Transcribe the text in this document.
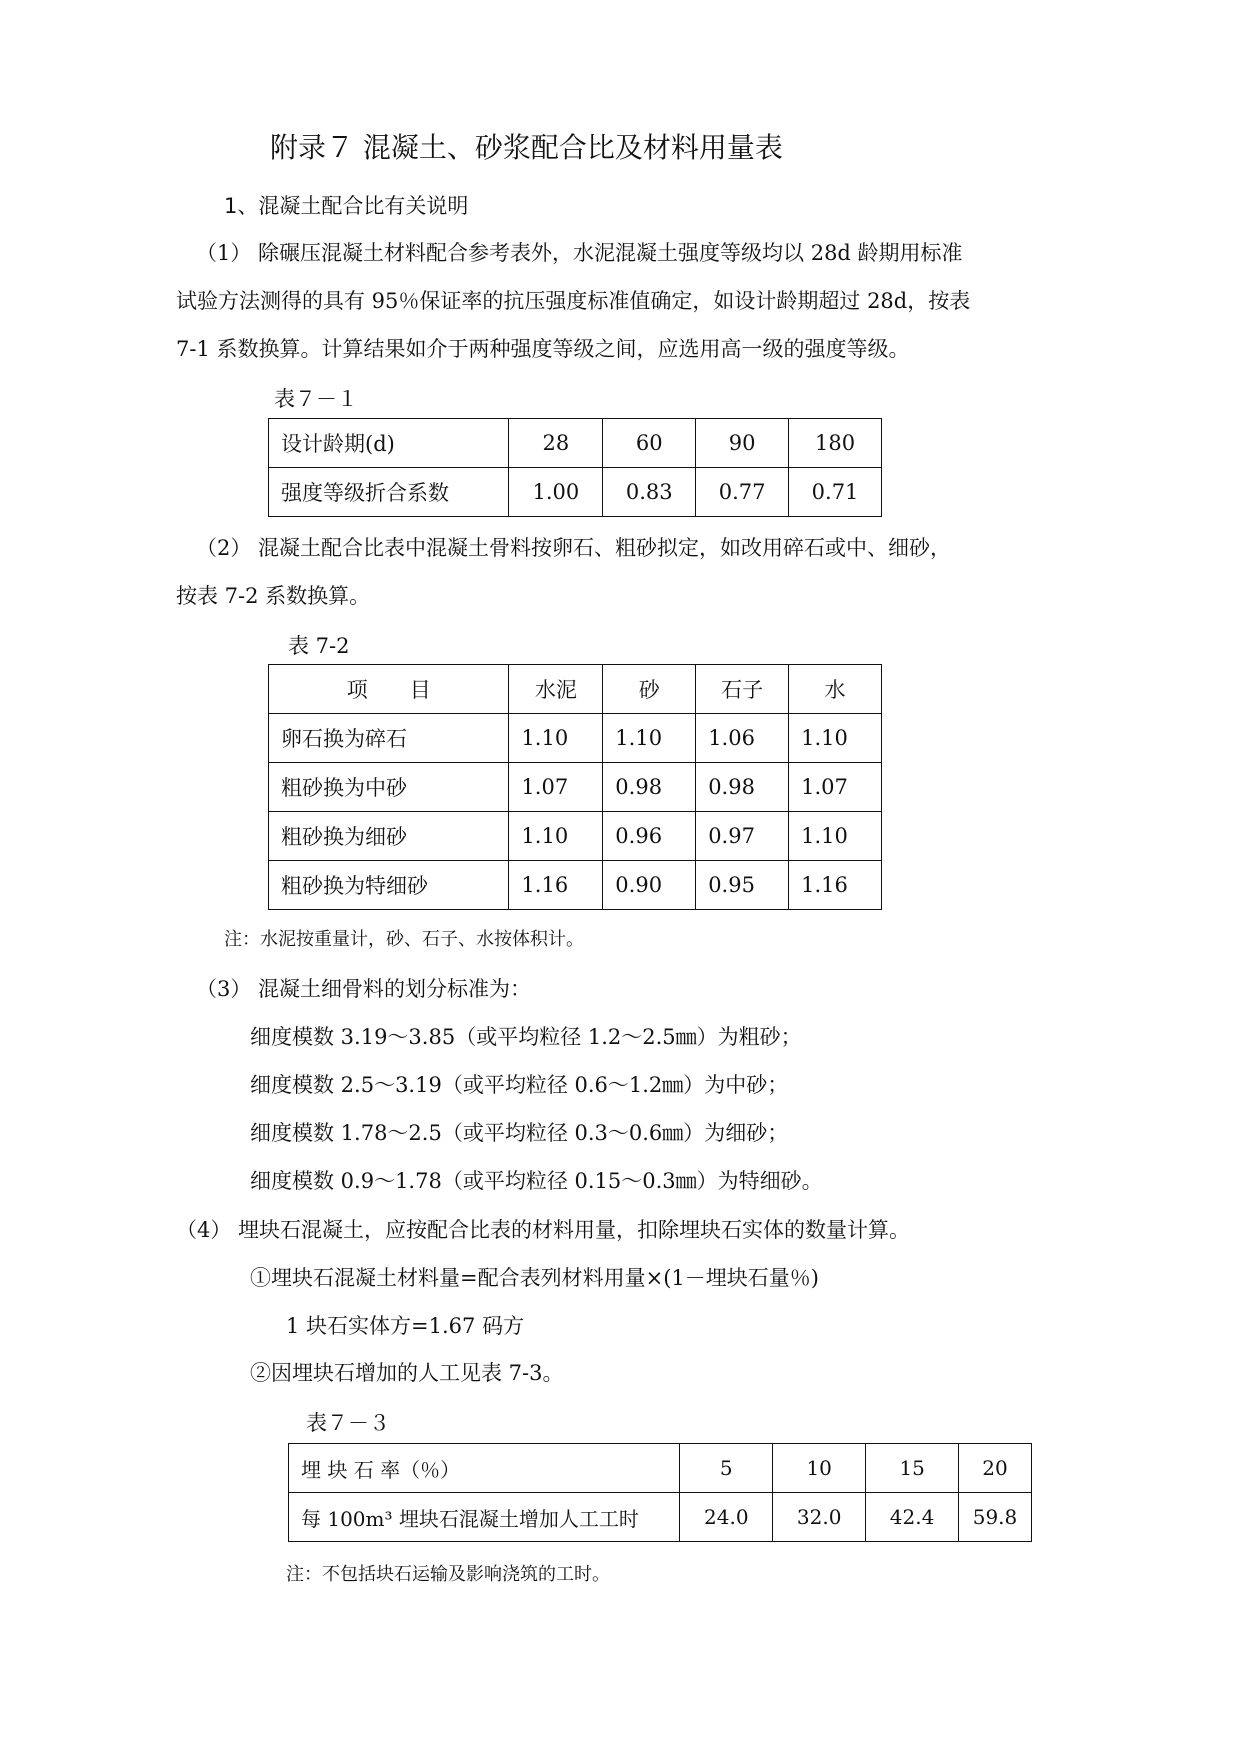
附录７ 混凝土、砂浆配合比及材料用量表
1、混凝土配合比有关说明
（1） 除碾压混凝土材料配合参考表外，水泥混凝土强度等级均以 28d 龄期用标准
试验方法测得的具有 95％保证率的抗压强度标准值确定，如设计龄期超过 28d，按表
7-1 系数换算。计算结果如介于两种强度等级之间，应选用高一级的强度等级。
表７－１
设计龄期(d)	28	60	90	180
强度等级折合系数	1.00	0.83	0.77	0.71
（2） 混凝土配合比表中混凝土骨料按卵石、粗砂拟定，如改用碎石或中、细砂，
按表 7-2 系数换算。
表 7-2
项　　目	水泥	砂	石子	水
卵石换为碎石	1.10	1.10	1.06	1.10
粗砂换为中砂	1.07	0.98	0.98	1.07
粗砂换为细砂	1.10	0.96	0.97	1.10
粗砂换为特细砂	1.16	0.90	0.95	1.16
注：水泥按重量计，砂、石子、水按体积计。
（3） 混凝土细骨料的划分标准为：
细度模数 3.19～3.85（或平均粒径 1.2～2.5㎜）为粗砂；
细度模数 2.5～3.19（或平均粒径 0.6～1.2㎜）为中砂；
细度模数 1.78～2.5（或平均粒径 0.3～0.6㎜）为细砂；
细度模数 0.9～1.78（或平均粒径 0.15～0.3㎜）为特细砂。
（4） 埋块石混凝土，应按配合比表的材料用量，扣除埋块石实体的数量计算。
①埋块石混凝土材料量=配合表列材料用量×(1－埋块石量％)
1 块石实体方=1.67 码方
②因埋块石增加的人工见表 7-3。
表７－３
埋 块 石 率（％）	5	10	15	20
每 100m³ 埋块石混凝土增加人工工时	24.0	32.0	42.4	59.8
注：不包括块石运输及影响浇筑的工时。
